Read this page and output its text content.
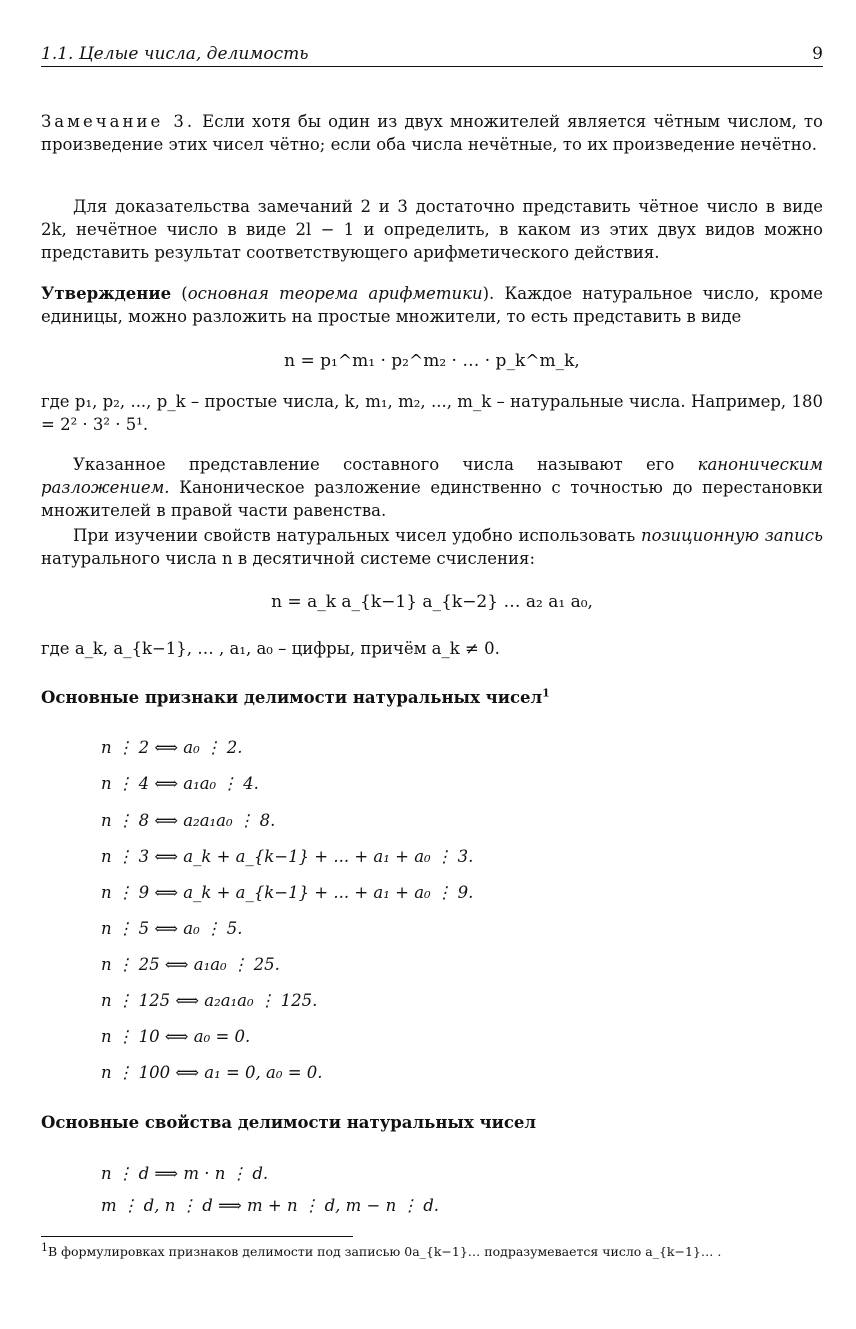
1.1. Целые числа, делимость	9
Замечание 3. Если хотя бы один из двух множителей является чётным числом, то произведение этих чисел чётно; если оба числа нечётные, то их произведение нечётно.
Для доказательства замечаний 2 и 3 достаточно представить чётное число в виде 2k, нечётное число в виде 2l − 1 и определить, в каком из этих двух видов можно представить результат соответствующего арифметического действия.
Утверждение (основная теорема арифметики). Каждое натуральное число, кроме единицы, можно разложить на простые множители, то есть представить в виде
n = p₁^m₁ · p₂^m₂ · … · p_k^m_k,
где p₁, p₂, ..., p_k – простые числа, k, m₁, m₂, ..., m_k – натуральные числа. Например, 180 = 2² · 3² · 5¹.
Указанное представление составного числа называют его каноническим разложением. Каноническое разложение единственно с точностью до перестановки множителей в правой части равенства.
При изучении свойств натуральных чисел удобно использовать позиционную запись натурального числа n в десятичной системе счисления:
n = a_k a_{k−1} a_{k−2} … a₂ a₁ a₀,
где a_k, a_{k−1}, … , a₁, a₀ – цифры, причём a_k ≠ 0.
Основные признаки делимости натуральных чисел$^1$
n ⋮ 2 ⟺ a₀ ⋮ 2.
n ⋮ 4 ⟺ a₁a₀ ⋮ 4.
n ⋮ 8 ⟺ a₂a₁a₀ ⋮ 8.
n ⋮ 3 ⟺ a_k + a_{k−1} + ... + a₁ + a₀ ⋮ 3.
n ⋮ 9 ⟺ a_k + a_{k−1} + ... + a₁ + a₀ ⋮ 9.
n ⋮ 5 ⟺ a₀ ⋮ 5.
n ⋮ 25 ⟺ a₁a₀ ⋮ 25.
n ⋮ 125 ⟺ a₂a₁a₀ ⋮ 125.
n ⋮ 10 ⟺ a₀ = 0.
n ⋮ 100 ⟺ a₁ = 0, a₀ = 0.
Основные свойства делимости натуральных чисел
n ⋮ d ⟹ m · n ⋮ d.
m ⋮ d, n ⋮ d ⟹ m + n ⋮ d, m − n ⋮ d.
$^1$В формулировках признаков делимости под записью 0a_{k−1}… подразумевается число a_{k−1}… .
